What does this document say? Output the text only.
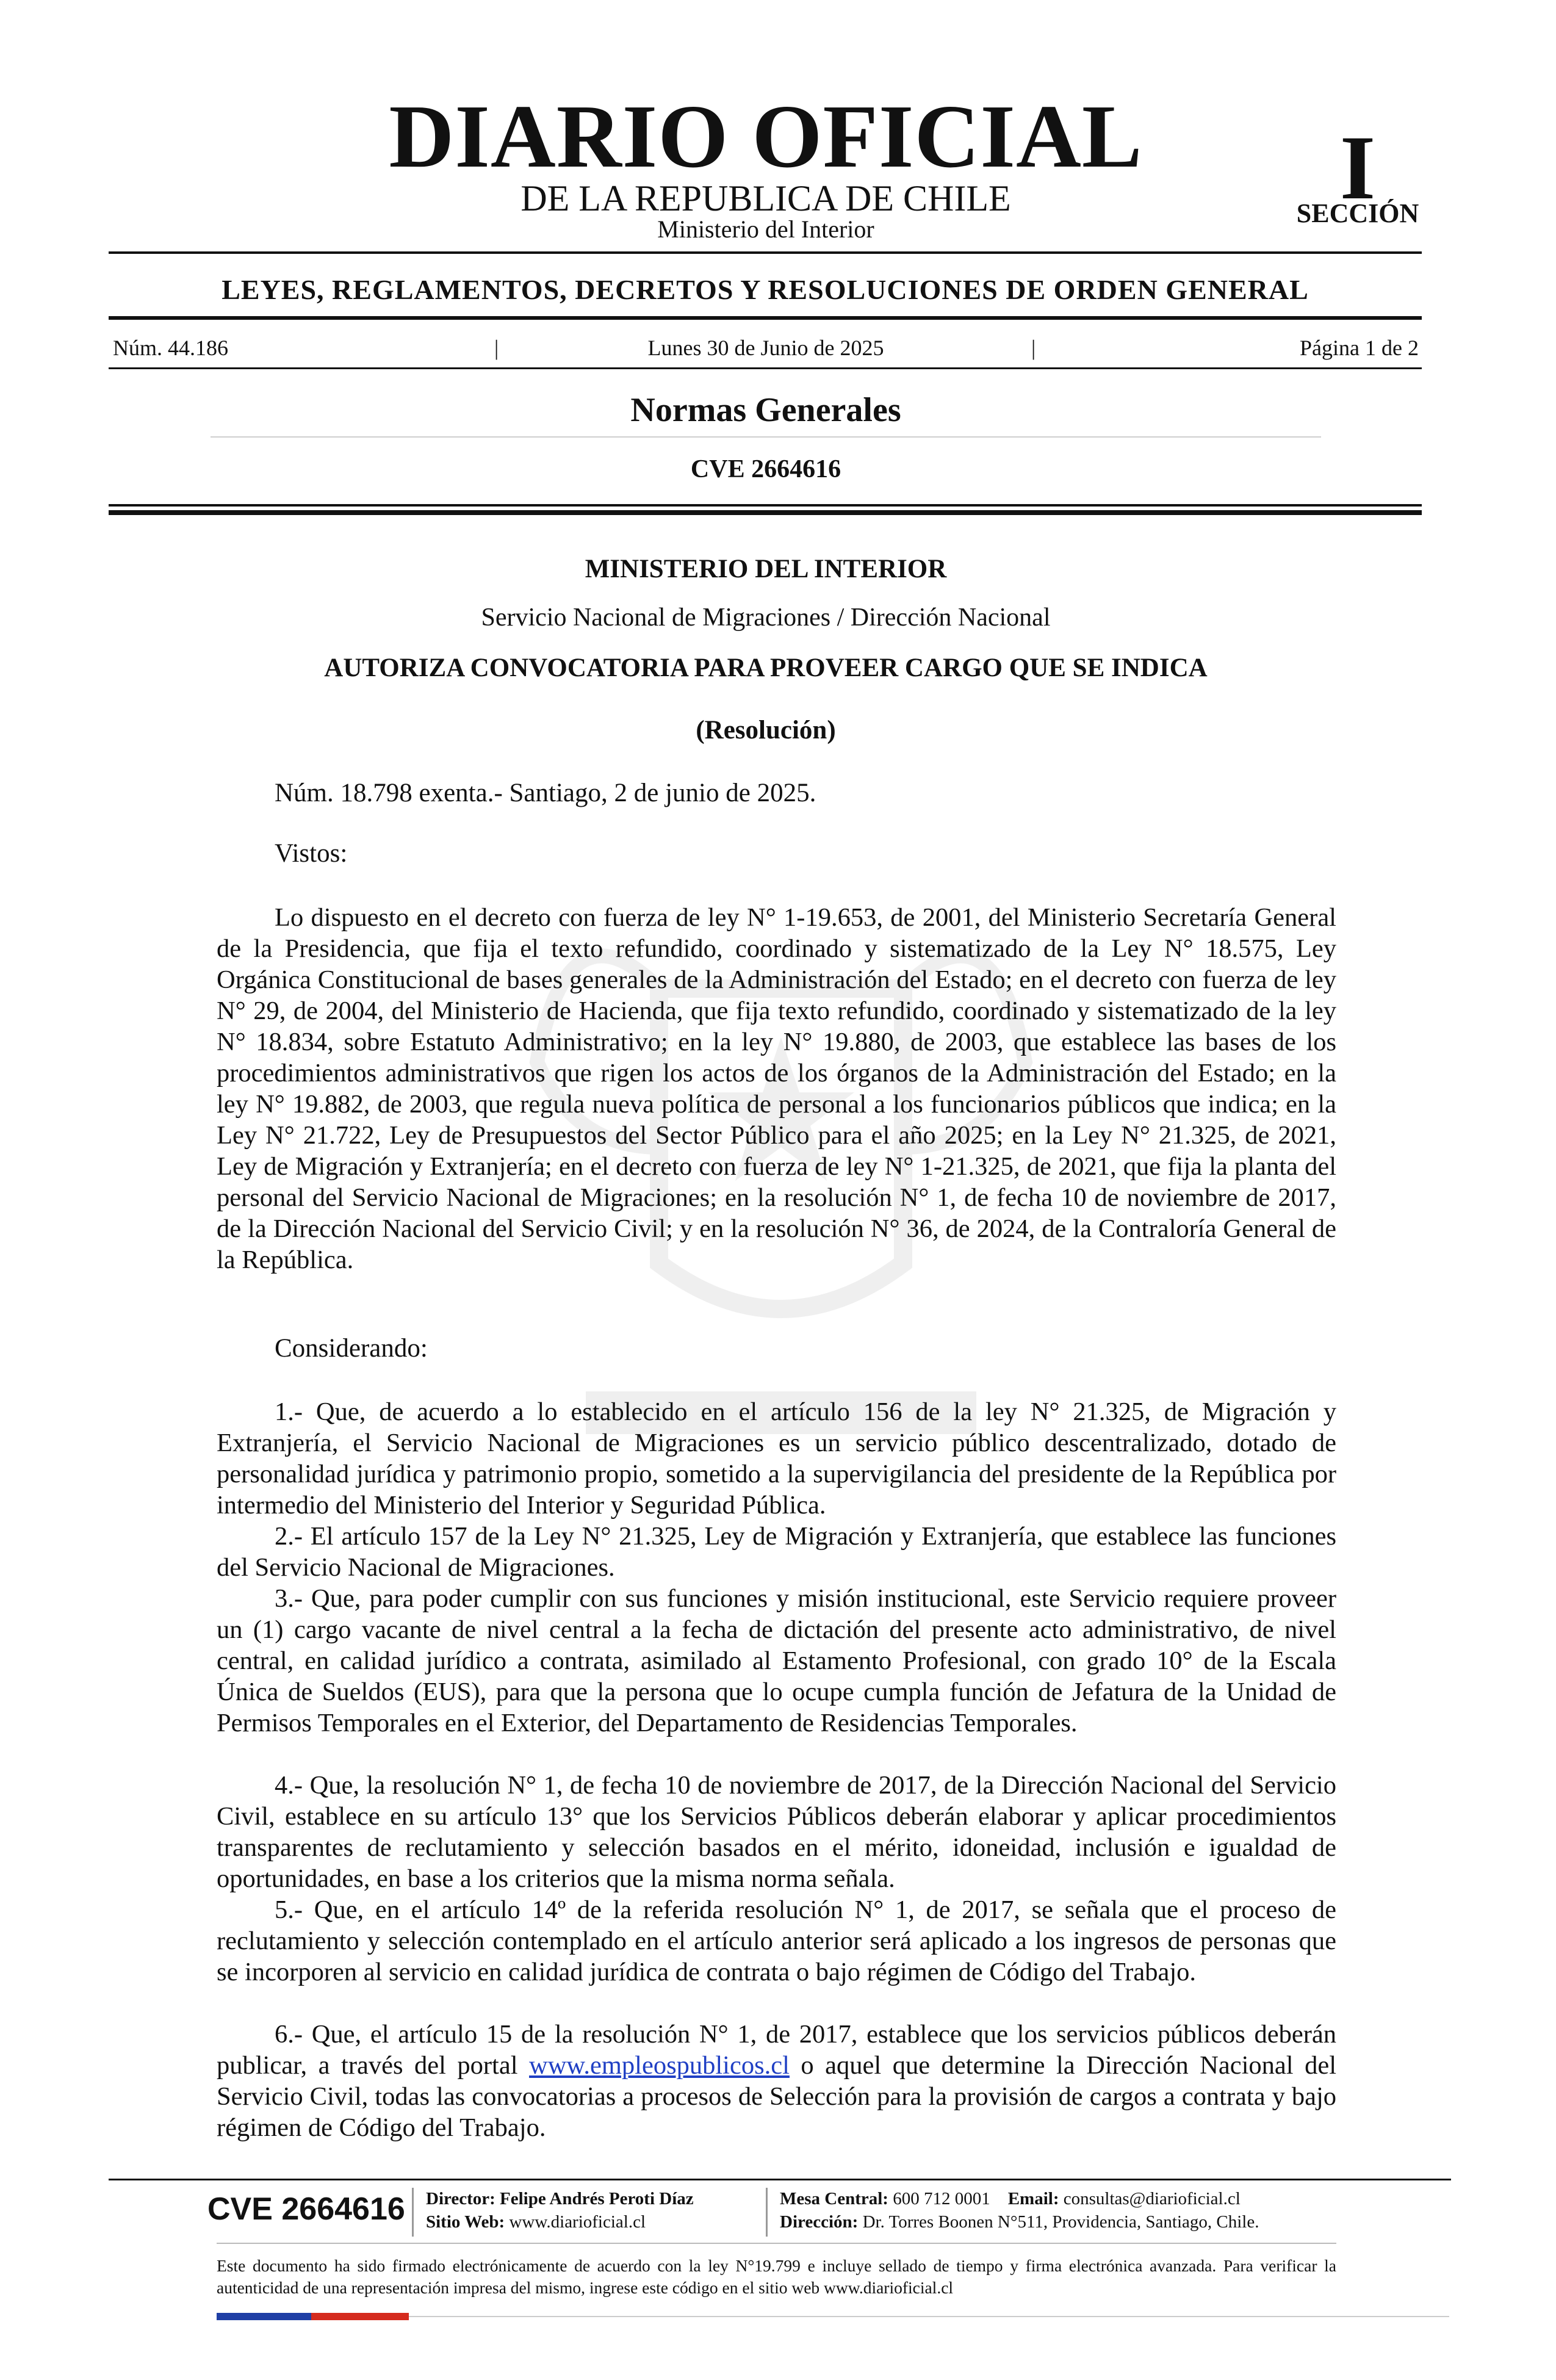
DIARIO OFICIAL
DE LA REPUBLICA DE CHILE
Ministerio del Interior
I
SECCIÓN
LEYES, REGLAMENTOS, DECRETOS Y RESOLUCIONES DE ORDEN GENERAL
Núm. 44.186	|	Lunes 30 de Junio de 2025	|	Página 1 de 2
Normas Generales
CVE 2664616
MINISTERIO DEL INTERIOR
Servicio Nacional de Migraciones / Dirección Nacional
AUTORIZA CONVOCATORIA PARA PROVEER CARGO QUE SE INDICA
(Resolución)
Núm. 18.798 exenta.- Santiago, 2 de junio de 2025.
Vistos:
Lo dispuesto en el decreto con fuerza de ley N° 1-19.653, de 2001, del Ministerio Secretaría General de la Presidencia, que fija el texto refundido, coordinado y sistematizado de la Ley N° 18.575, Ley Orgánica Constitucional de bases generales de la Administración del Estado; en el decreto con fuerza de ley N° 29, de 2004, del Ministerio de Hacienda, que fija texto refundido, coordinado y sistematizado de la ley N° 18.834, sobre Estatuto Administrativo; en la ley N° 19.880, de 2003, que establece las bases de los procedimientos administrativos que rigen los actos de los órganos de la Administración del Estado; en la ley N° 19.882, de 2003, que regula nueva política de personal a los funcionarios públicos que indica; en la Ley N° 21.722, Ley de Presupuestos del Sector Público para el año 2025; en la Ley N° 21.325, de 2021, Ley de Migración y Extranjería; en el decreto con fuerza de ley N° 1-21.325, de 2021, que fija la planta del personal del Servicio Nacional de Migraciones; en la resolución N° 1, de fecha 10 de noviembre de 2017, de la Dirección Nacional del Servicio Civil; y en la resolución N° 36, de 2024, de la Contraloría General de la República.
Considerando:
1.- Que, de acuerdo a lo establecido en el artículo 156 de la ley N° 21.325, de Migración y Extranjería, el Servicio Nacional de Migraciones es un servicio público descentralizado, dotado de personalidad jurídica y patrimonio propio, sometido a la supervigilancia del presidente de la República por intermedio del Ministerio del Interior y Seguridad Pública.
2.- El artículo 157 de la Ley N° 21.325, Ley de Migración y Extranjería, que establece las funciones del Servicio Nacional de Migraciones.
3.- Que, para poder cumplir con sus funciones y misión institucional, este Servicio requiere proveer un (1) cargo vacante de nivel central a la fecha de dictación del presente acto administrativo, de nivel central, en calidad jurídico a contrata, asimilado al Estamento Profesional, con grado 10° de la Escala Única de Sueldos (EUS), para que la persona que lo ocupe cumpla función de Jefatura de la Unidad de Permisos Temporales en el Exterior, del Departamento de Residencias Temporales.
4.- Que, la resolución N° 1, de fecha 10 de noviembre de 2017, de la Dirección Nacional del Servicio Civil, establece en su artículo 13° que los Servicios Públicos deberán elaborar y aplicar procedimientos transparentes de reclutamiento y selección basados en el mérito, idoneidad, inclusión e igualdad de oportunidades, en base a los criterios que la misma norma señala.
5.- Que, en el artículo 14º de la referida resolución N° 1, de 2017, se señala que el proceso de reclutamiento y selección contemplado en el artículo anterior será aplicado a los ingresos de personas que se incorporen al servicio en calidad jurídica de contrata o bajo régimen de Código del Trabajo.
6.- Que, el artículo 15 de la resolución N° 1, de 2017, establece que los servicios públicos deberán publicar, a través del portal www.empleospublicos.cl o aquel que determine la Dirección Nacional del Servicio Civil, todas las convocatorias a procesos de Selección para la provisión de cargos a contrata y bajo régimen de Código del Trabajo.
CVE 2664616 Director: Felipe Andrés Peroti Díaz
Sitio Web: www.diarioficial.cl
Mesa Central: 600 712 0001 Email: consultas@diarioficial.cl
Dirección: Dr. Torres Boonen N°511, Providencia, Santiago, Chile.
Este documento ha sido firmado electrónicamente de acuerdo con la ley N°19.799 e incluye sellado de tiempo y firma electrónica avanzada. Para verificar la autenticidad de una representación impresa del mismo, ingrese este código en el sitio web www.diarioficial.cl
